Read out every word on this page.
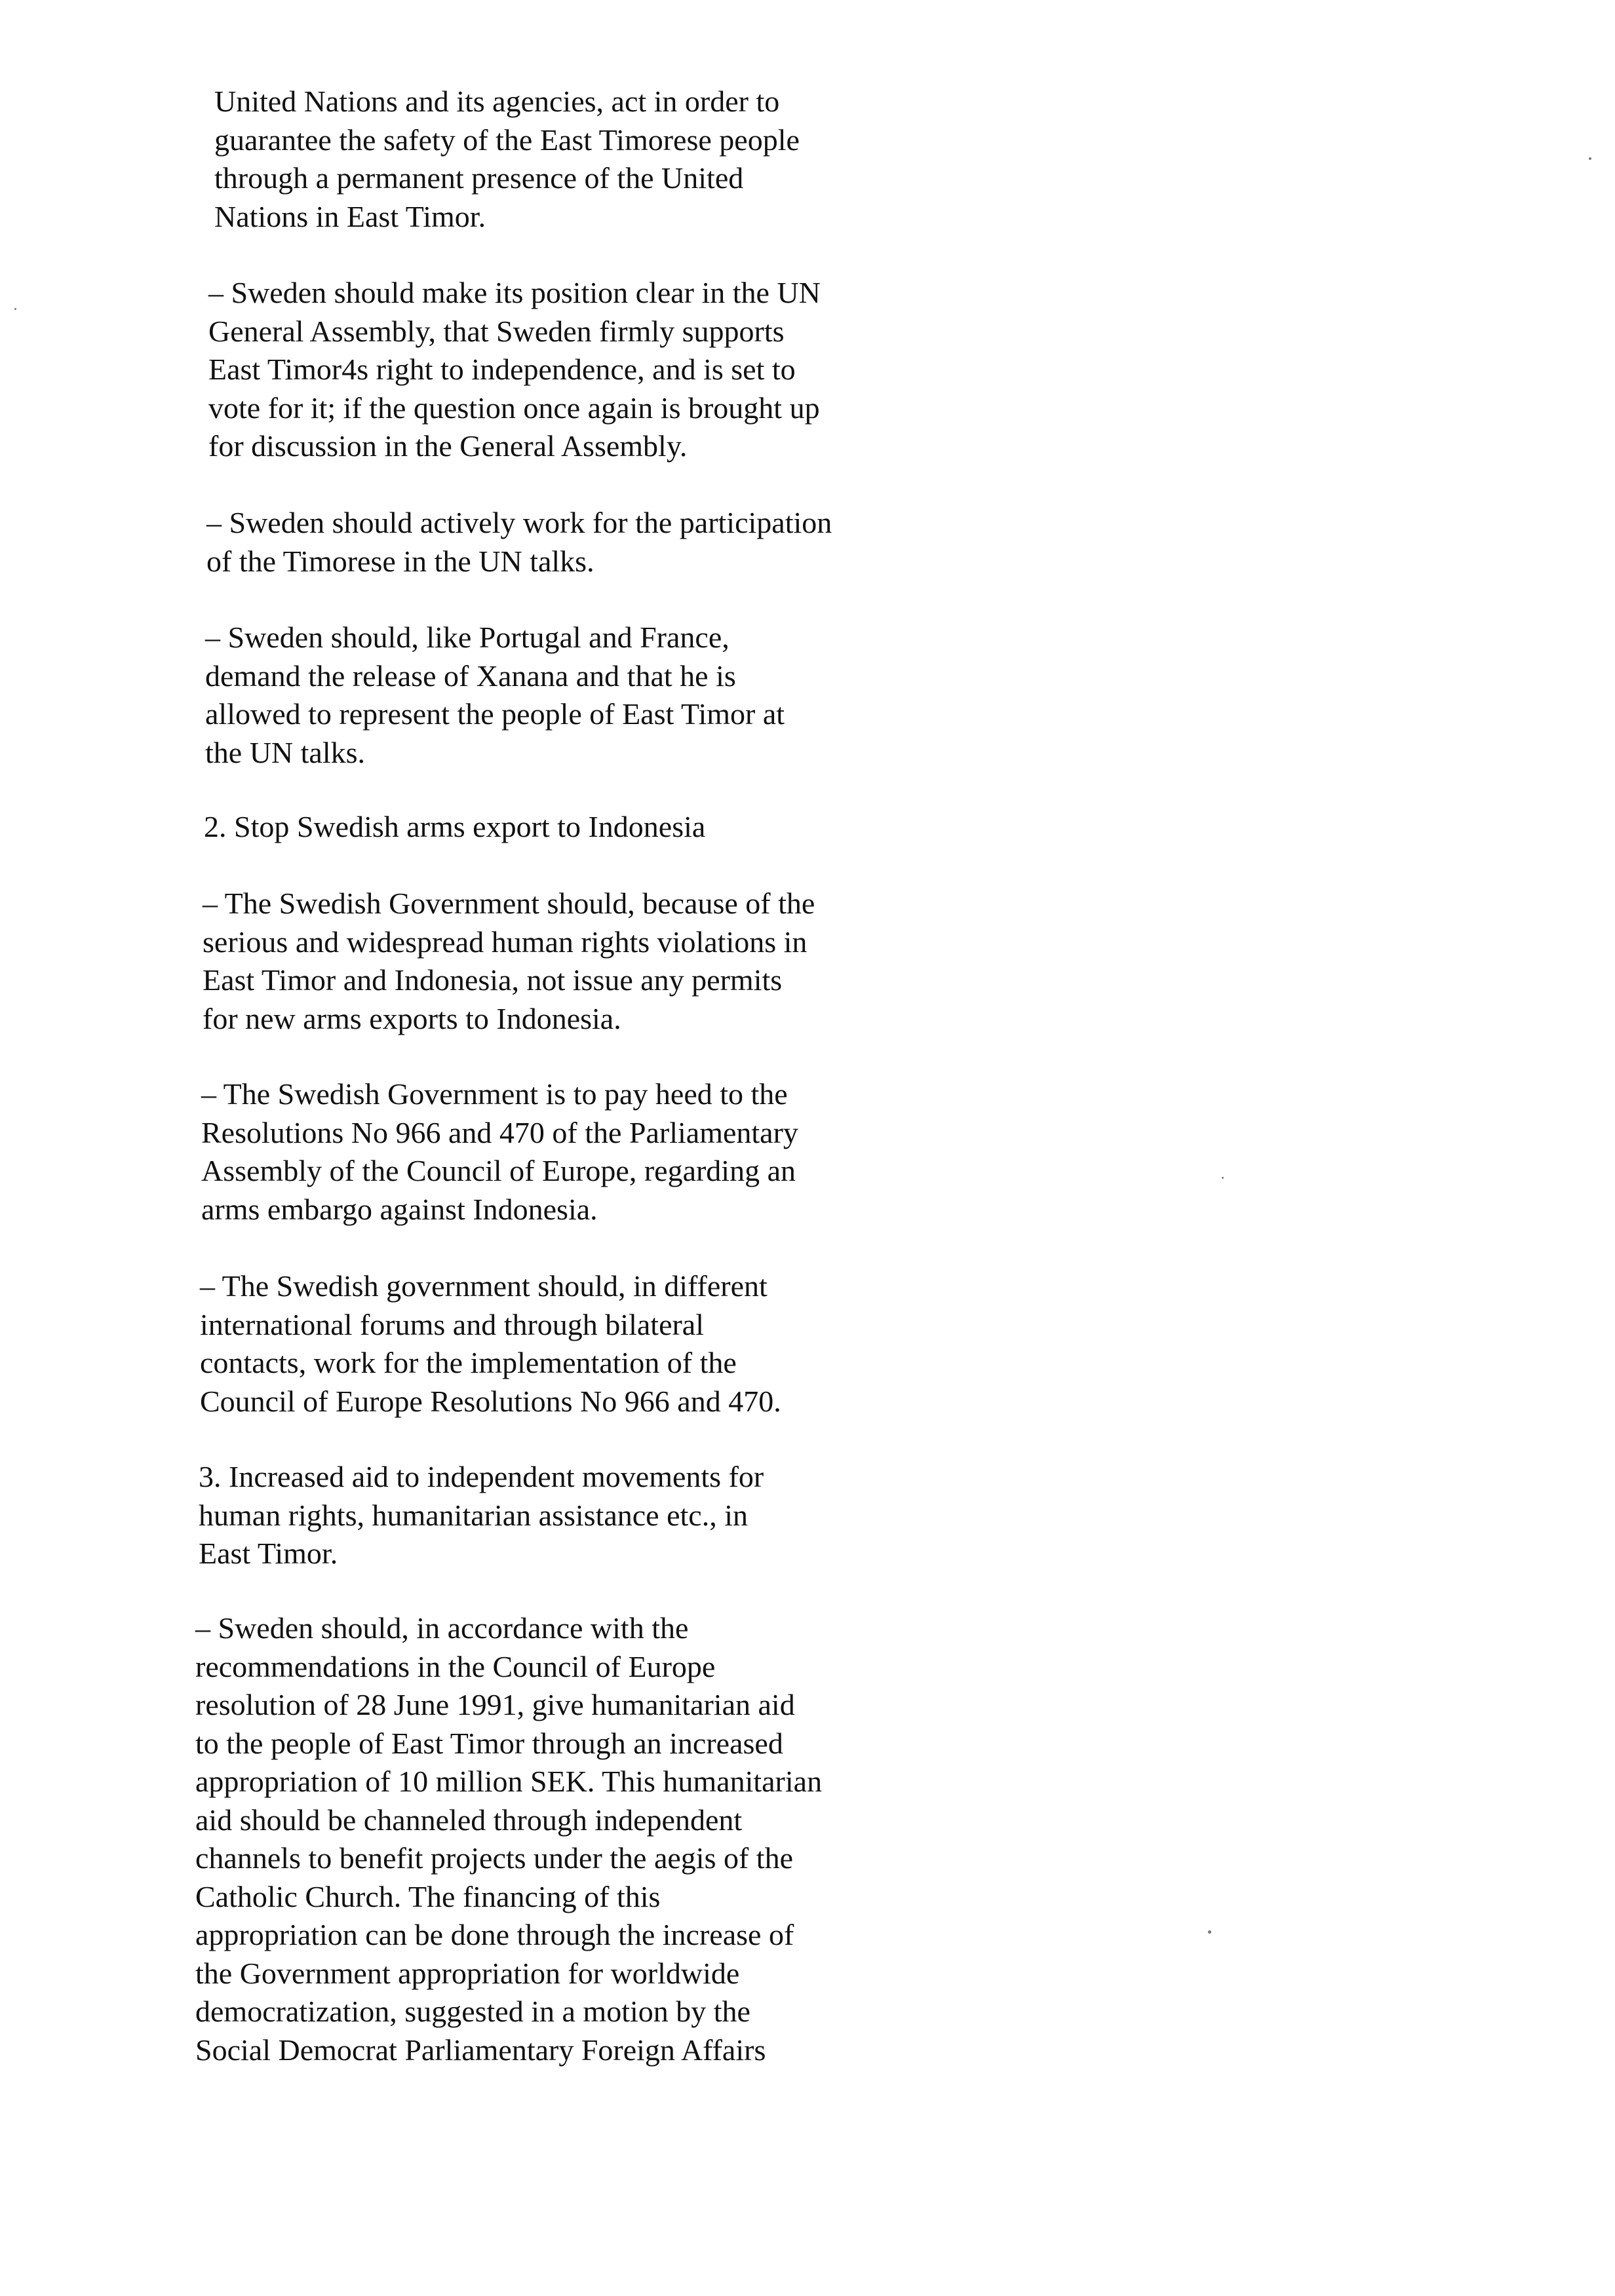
United Nations and its agencies, act in order to
guarantee the safety of the East Timorese people
through a permanent presence of the United
Nations in East Timor.
– Sweden should make its position clear in the UN
General Assembly, that Sweden firmly supports
East Timor4s right to independence, and is set to
vote for it; if the question once again is brought up
for discussion in the General Assembly.
– Sweden should actively work for the participation
of the Timorese in the UN talks.
– Sweden should, like Portugal and France,
demand the release of Xanana and that he is
allowed to represent the people of East Timor at
the UN talks.
2. Stop Swedish arms export to Indonesia
– The Swedish Government should, because of the
serious and widespread human rights violations in
East Timor and Indonesia, not issue any permits
for new arms exports to Indonesia.
– The Swedish Government is to pay heed to the
Resolutions No 966 and 470 of the Parliamentary
Assembly of the Council of Europe, regarding an
arms embargo against Indonesia.
– The Swedish government should, in different
international forums and through bilateral
contacts, work for the implementation of the
Council of Europe Resolutions No 966 and 470.
3. Increased aid to independent movements for
human rights, humanitarian assistance etc., in
East Timor.
– Sweden should, in accordance with the
recommendations in the Council of Europe
resolution of 28 June 1991, give humanitarian aid
to the people of East Timor through an increased
appropriation of 10 million SEK. This humanitarian
aid should be channeled through independent
channels to benefit projects under the aegis of the
Catholic Church. The financing of this
appropriation can be done through the increase of
the Government appropriation for worldwide
democratization, suggested in a motion by the
Social Democrat Parliamentary Foreign Affairs
